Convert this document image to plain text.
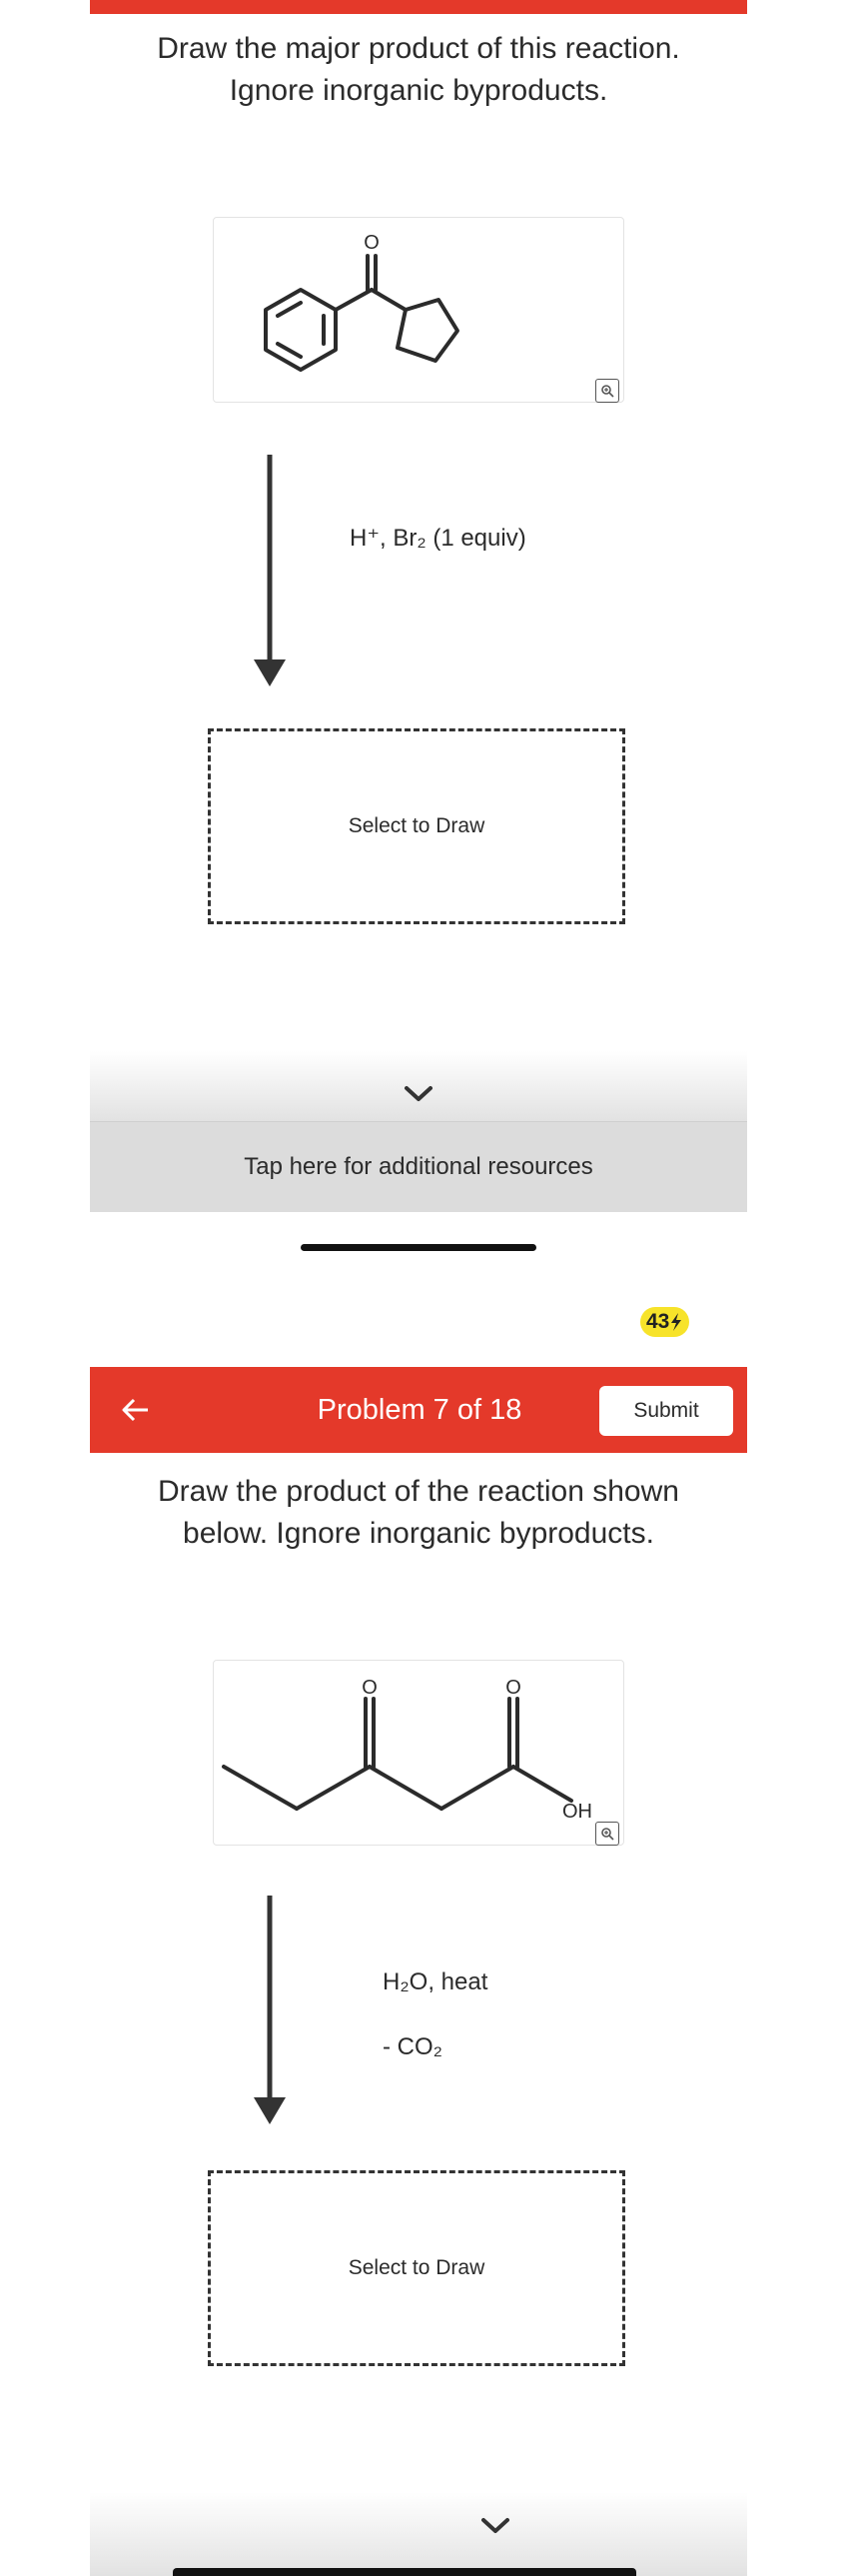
Draw the major product of this reaction.
Ignore inorganic byproducts.
O
H⁺, Br₂ (1 equiv)
Select to Draw
Tap here for additional resources
43
Problem 7 of 18	Submit
Draw the product of the reaction shown
below. Ignore inorganic byproducts.
O	O
OH
H₂O, heat
- CO₂
Select to Draw
